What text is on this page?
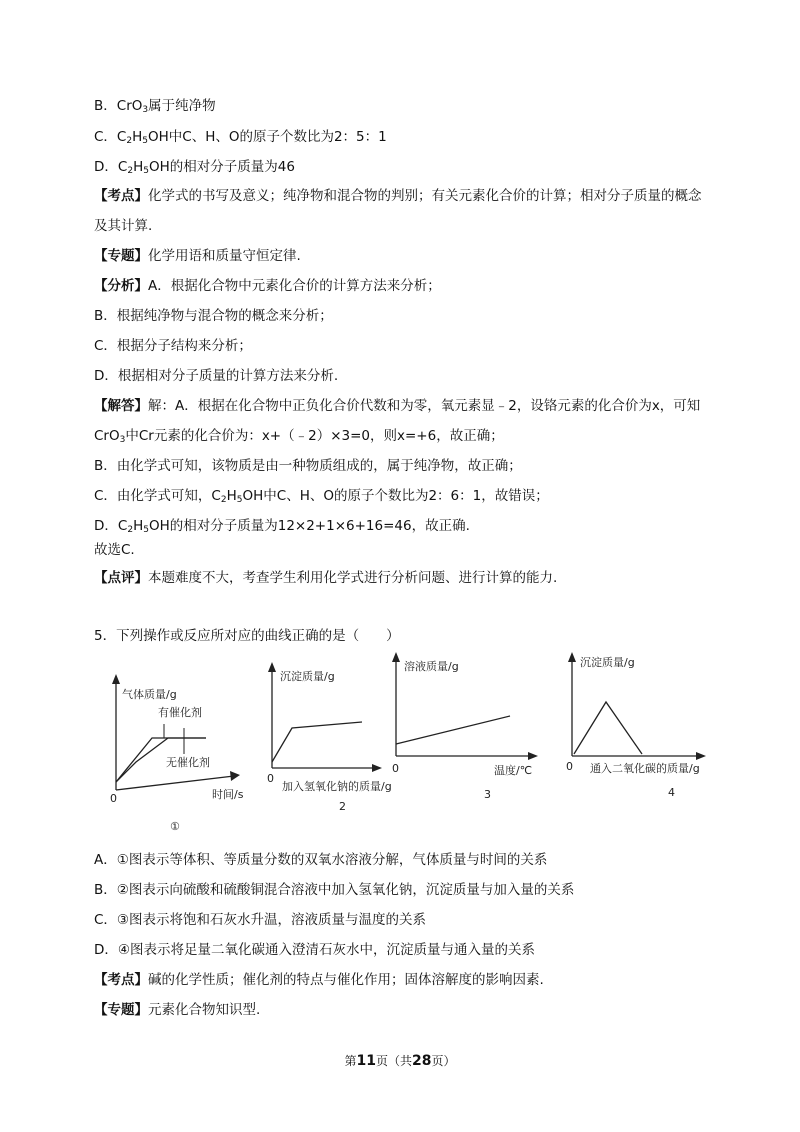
B．CrO$_3$属于纯净物
C．$C_2H_5OH$中C、H、O的原子个数比为2：5：1
D．$C_2H_5OH$的相对分子质量为46
【考点】化学式的书写及意义；纯净物和混合物的判别；有关元素化合价的计算；相对分子质量的概念
及其计算.
【专题】化学用语和质量守恒定律.
【分析】A．根据化合物中元素化合价的计算方法来分析；
B．根据纯净物与混合物的概念来分析；
C．根据分子结构来分析；
D．根据相对分子质量的计算方法来分析.
【解答】解：A．根据在化合物中正负化合价代数和为零，氧元素显﹣2，设铬元素的化合价为x，可知
CrO$_3$中Cr元素的化合价为：x+（﹣2）×3=0，则x=+6，故正确；
B．由化学式可知，该物质是由一种物质组成的，属于纯净物，故正确；
C．由化学式可知，$C_2H_5OH$中C、H、O的原子个数比为2：6：1，故错误；
D．$C_2H_5OH$的相对分子质量为12×2+1×6+16=46，故正确.
故选C.
【点评】本题难度不大，考查学生利用化学式进行分析问题、进行计算的能力.
5．下列操作或反应所对应的曲线正确的是（　　）
A．①图表示等体积、等质量分数的双氧水溶液分解，气体质量与时间的关系
B．②图表示向硫酸和硫酸铜混合溶液中加入氢氧化钠，沉淀质量与加入量的关系
C．③图表示将饱和石灰水升温，溶液质量与温度的关系
D．④图表示将足量二氧化碳通入澄清石灰水中，沉淀质量与通入量的关系
【考点】碱的化学性质；催化剂的特点与催化作用；固体溶解度的影响因素.
【专题】元素化合物知识型.
气体质量/g
时间/s
0
①
有催化剂
无催化剂
沉淀质量/g
加入氢氧化钠的质量/g
0
2
溶液质量/g
温度/℃
0
3
沉淀质量/g
通入二氧化碳的质量/g
0
4
第11页（共28页）
